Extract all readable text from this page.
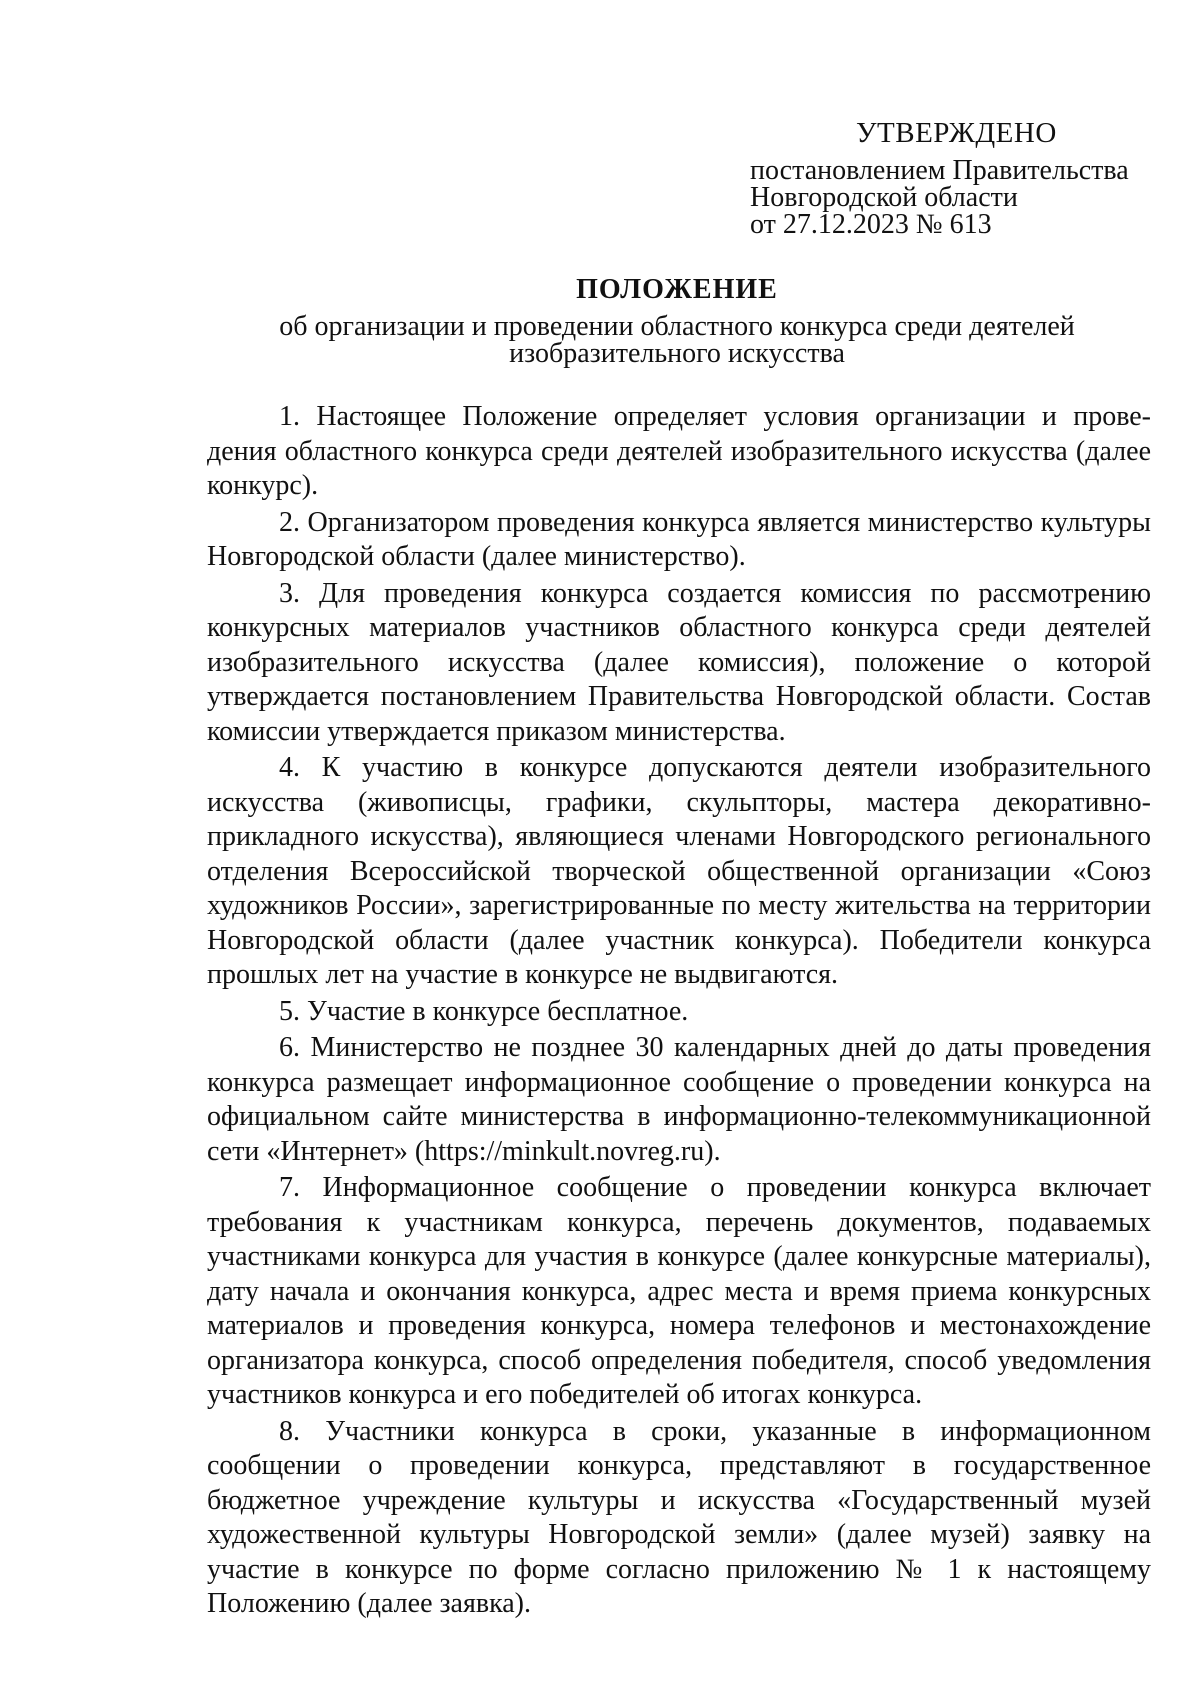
УТВЕРЖДЕНО
постановлением Правительства
Новгородской области
от 27.12.2023 № 613
ПОЛОЖЕНИЕ

об организации и проведении областного конкурса среди деятелей изобразительного искусства

1. Настоящее Положение определяет условия организации и прове-дения областного конкурса среди деятелей изобразительного искусства (далее конкурс).

2. Организатором проведения конкурса является министерство культуры Новгородской области (далее министерство).

3. Для проведения конкурса создается комиссия по рассмотрению конкурсных материалов участников областного конкурса среди деятелей изобразительного искусства (далее комиссия), положение о которой утверждается постановлением Правительства Новгородской области. Состав комиссии утверждается приказом министерства.

4. К участию в конкурсе допускаются деятели изобразительного искусства (живописцы, графики, скульпторы, мастера декоративно-прикладного искусства), являющиеся членами Новгородского регионального отделения Всероссийской творческой общественной организации «Союз художников России», зарегистрированные по месту жительства на территории Новгородской области (далее участник конкурса). Победители конкурса прошлых лет на участие в конкурсе не выдвигаются.

5. Участие в конкурсе бесплатное.

6. Министерство не позднее 30 календарных дней до даты проведения конкурса размещает информационное сообщение о проведении конкурса на официальном сайте министерства в информационно-телекоммуникационной сети «Интернет» (https://minkult.novreg.ru).

7. Информационное сообщение о проведении конкурса включает требования к участникам конкурса, перечень документов, подаваемых участниками конкурса для участия в конкурсе (далее конкурсные материалы), дату начала и окончания конкурса, адрес места и время приема конкурсных материалов и проведения конкурса, номера телефонов и местонахождение организатора конкурса, способ определения победителя, способ уведомления участников конкурса и его победителей об итогах конкурса.

8. Участники конкурса в сроки, указанные в информационном сообщении о проведении конкурса, представляют в государственное бюджетное учреждение культуры и искусства «Государственный музей художественной культуры Новгородской земли» (далее музей) заявку на участие в конкурсе по форме согласно приложению № 1 к настоящему Положению (далее заявка).
